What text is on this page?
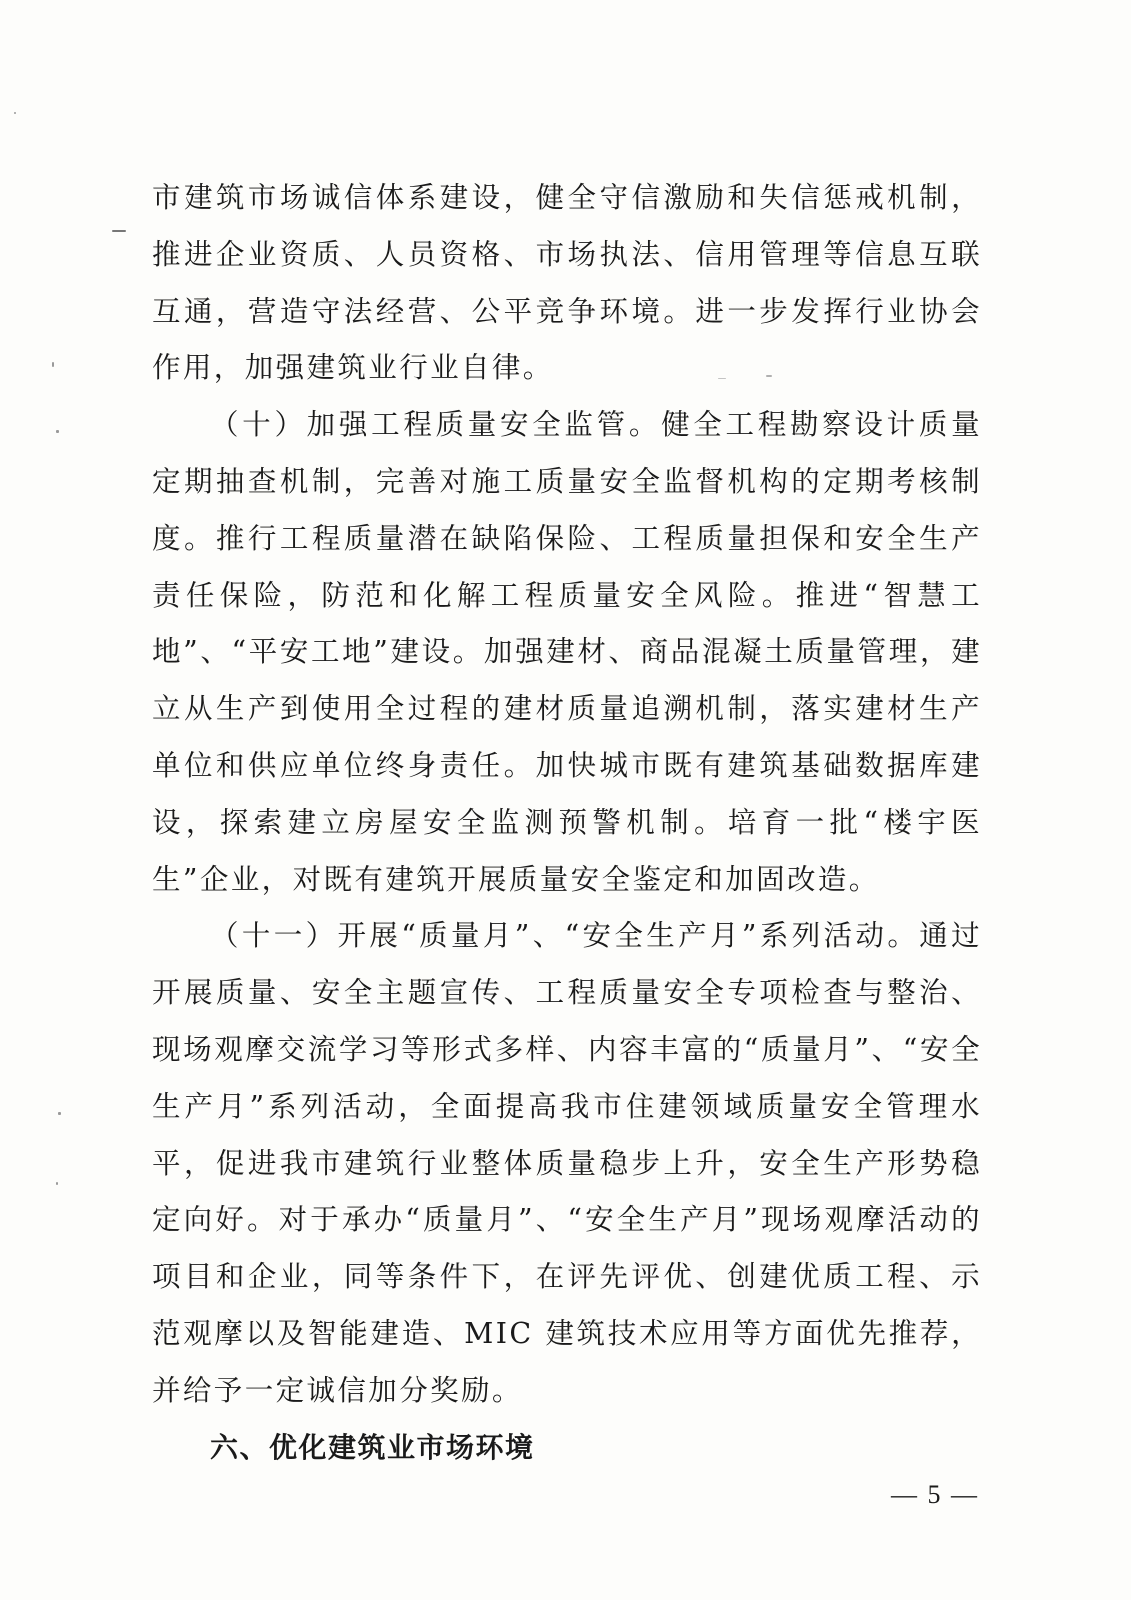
市建筑市场诚信体系建设，健全守信激励和失信惩戒机制，推进企业资质、人员资格、市场执法、信用管理等信息互联互通，营造守法经营、公平竞争环境。进一步发挥行业协会作用，加强建筑业行业自律。

（十）加强工程质量安全监管。健全工程勘察设计质量定期抽查机制，完善对施工质量安全监督机构的定期考核制度。推行工程质量潜在缺陷保险、工程质量担保和安全生产责任保险，防范和化解工程质量安全风险。推进“智慧工地”、“平安工地”建设。加强建材、商品混凝土质量管理，建立从生产到使用全过程的建材质量追溯机制，落实建材生产单位和供应单位终身责任。加快城市既有建筑基础数据库建设，探索建立房屋安全监测预警机制。培育一批“楼宇医生”企业，对既有建筑开展质量安全鉴定和加固改造。

（十一）开展“质量月”、“安全生产月”系列活动。通过开展质量、安全主题宣传、工程质量安全专项检查与整治、现场观摩交流学习等形式多样、内容丰富的“质量月”、“安全生产月”系列活动，全面提高我市住建领域质量安全管理水平，促进我市建筑行业整体质量稳步上升，安全生产形势稳定向好。对于承办“质量月”、“安全生产月”现场观摩活动的项目和企业，同等条件下，在评先评优、创建优质工程、示范观摩以及智能建造、MIC 建筑技术应用等方面优先推荐，并给予一定诚信加分奖励。

六、优化建筑业市场环境

— 5 —
